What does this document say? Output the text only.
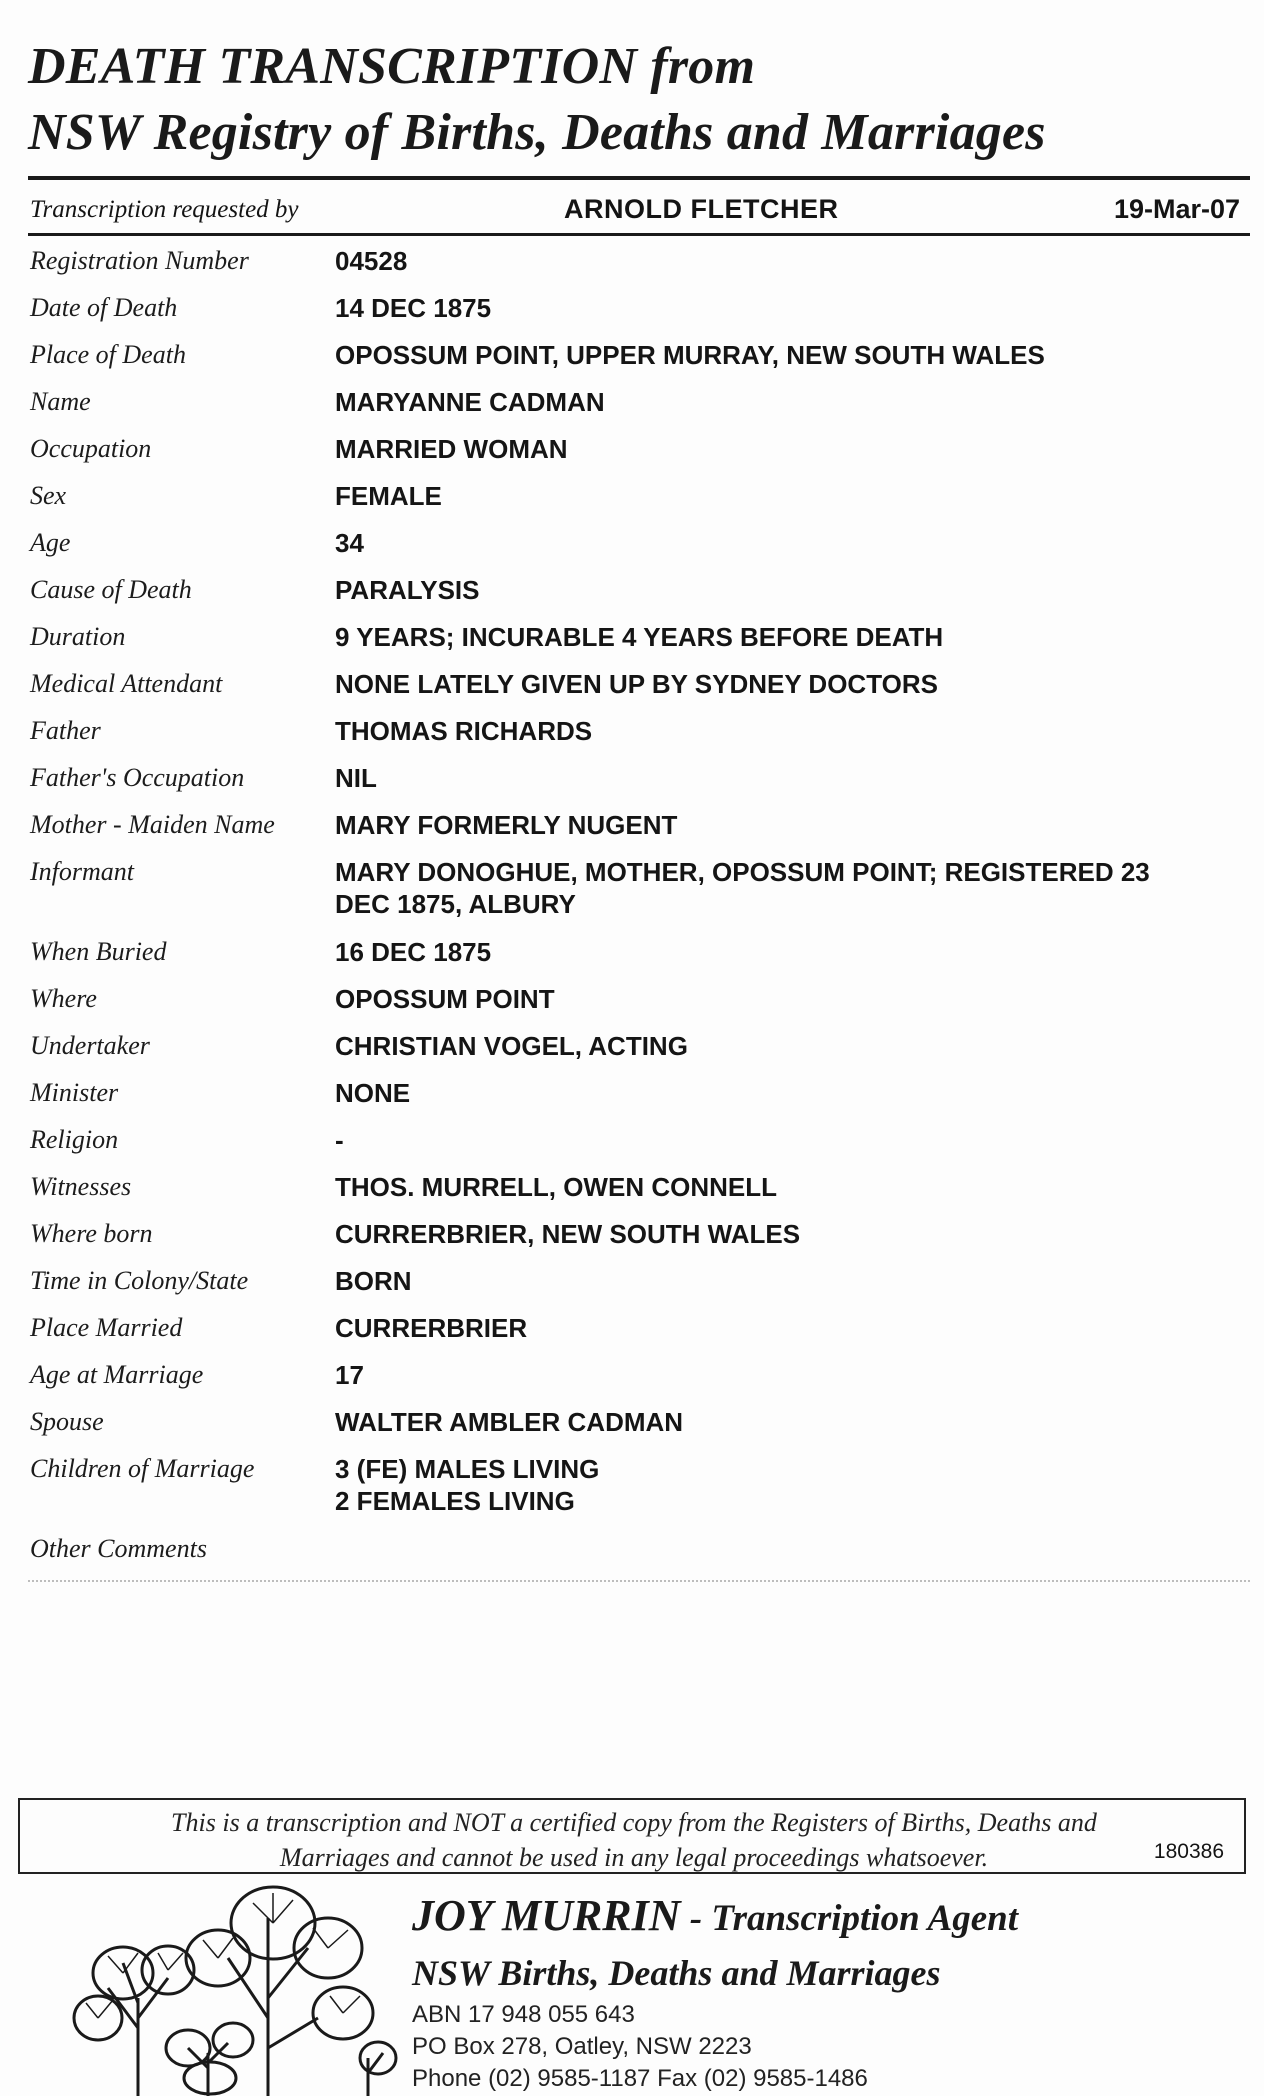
DEATH TRANSCRIPTION from
NSW Registry of Births, Deaths and Marriages
Transcription requested by	ARNOLD FLETCHER	19-Mar-07
Registration Number	04528
Date of Death	14 DEC 1875
Place of Death	OPOSSUM POINT, UPPER MURRAY, NEW SOUTH WALES
Name	MARYANNE CADMAN
Occupation	MARRIED WOMAN
Sex	FEMALE
Age	34
Cause of Death	PARALYSIS
Duration	9 YEARS; INCURABLE 4 YEARS BEFORE DEATH
Medical Attendant	NONE LATELY GIVEN UP BY SYDNEY DOCTORS
Father	THOMAS RICHARDS
Father's Occupation	NIL
Mother - Maiden Name	MARY FORMERLY NUGENT
Informant	MARY DONOGHUE, MOTHER, OPOSSUM POINT; REGISTERED 23
DEC 1875, ALBURY
When Buried	16 DEC 1875
Where	OPOSSUM POINT
Undertaker	CHRISTIAN VOGEL, ACTING
Minister	NONE
Religion	-
Witnesses	THOS. MURRELL, OWEN CONNELL
Where born	CURRERBRIER, NEW SOUTH WALES
Time in Colony/State	BORN
Place Married	CURRERBRIER
Age at Marriage	17
Spouse	WALTER AMBLER CADMAN
Children of Marriage	3 (FE) MALES LIVING
2 FEMALES LIVING
Other Comments
This is a transcription and NOT a certified copy from the Registers of Births, Deaths and
Marriages and cannot be used in any legal proceedings whatsoever.	180386
JOY MURRIN - Transcription Agent
NSW Births, Deaths and Marriages
ABN 17 948 055 643
PO Box 278, Oatley, NSW 2223
Phone (02) 9585-1187 Fax (02) 9585-1486
